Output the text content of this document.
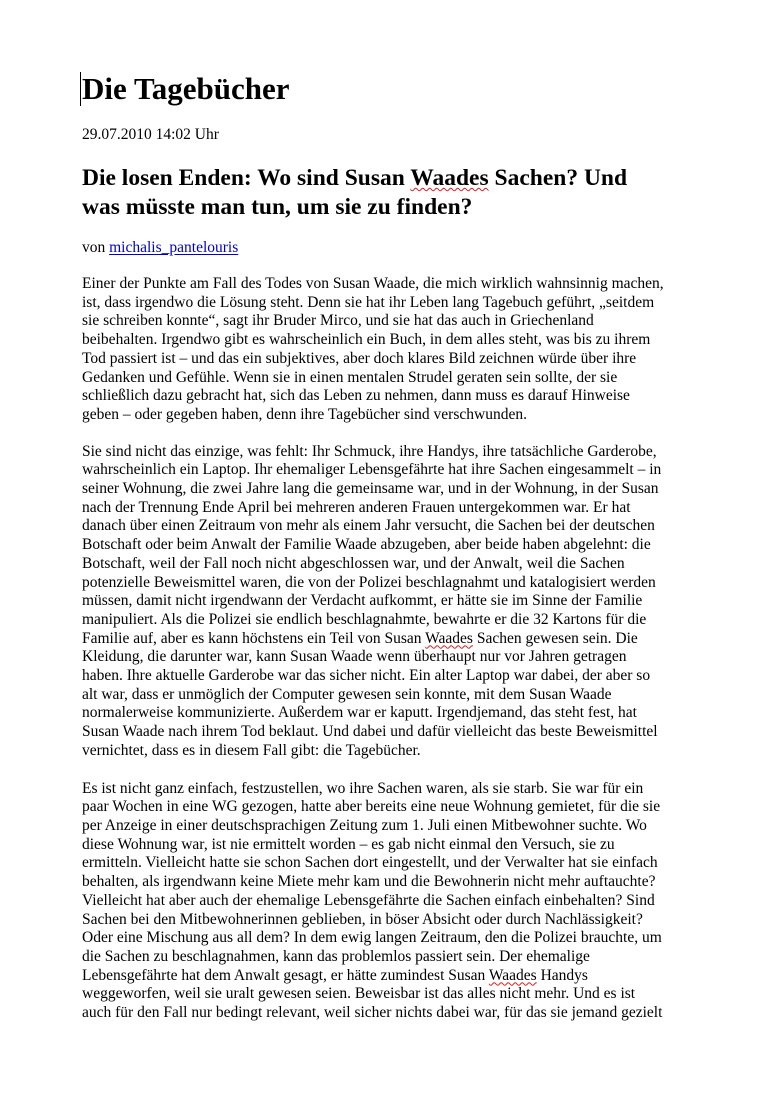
Die Tagebücher
29.07.2010 14:02 Uhr
Die losen Enden: Wo sind Susan Waades Sachen? Und
was müsste man tun, um sie zu finden?
von michalis_pantelouris
Einer der Punkte am Fall des Todes von Susan Waade, die mich wirklich wahnsinnig machen,
ist, dass irgendwo die Lösung steht. Denn sie hat ihr Leben lang Tagebuch geführt, „seitdem
sie schreiben konnte“, sagt ihr Bruder Mirco, und sie hat das auch in Griechenland
beibehalten. Irgendwo gibt es wahrscheinlich ein Buch, in dem alles steht, was bis zu ihrem
Tod passiert ist – und das ein subjektives, aber doch klares Bild zeichnen würde über ihre
Gedanken und Gefühle. Wenn sie in einen mentalen Strudel geraten sein sollte, der sie
schließlich dazu gebracht hat, sich das Leben zu nehmen, dann muss es darauf Hinweise
geben – oder gegeben haben, denn ihre Tagebücher sind verschwunden.
Sie sind nicht das einzige, was fehlt: Ihr Schmuck, ihre Handys, ihre tatsächliche Garderobe,
wahrscheinlich ein Laptop. Ihr ehemaliger Lebensgefährte hat ihre Sachen eingesammelt – in
seiner Wohnung, die zwei Jahre lang die gemeinsame war, und in der Wohnung, in der Susan
nach der Trennung Ende April bei mehreren anderen Frauen untergekommen war. Er hat
danach über einen Zeitraum von mehr als einem Jahr versucht, die Sachen bei der deutschen
Botschaft oder beim Anwalt der Familie Waade abzugeben, aber beide haben abgelehnt: die
Botschaft, weil der Fall noch nicht abgeschlossen war, und der Anwalt, weil die Sachen
potenzielle Beweismittel waren, die von der Polizei beschlagnahmt und katalogisiert werden
müssen, damit nicht irgendwann der Verdacht aufkommt, er hätte sie im Sinne der Familie
manipuliert. Als die Polizei sie endlich beschlagnahmte, bewahrte er die 32 Kartons für die
Familie auf, aber es kann höchstens ein Teil von Susan Waades Sachen gewesen sein. Die
Kleidung, die darunter war, kann Susan Waade wenn überhaupt nur vor Jahren getragen
haben. Ihre aktuelle Garderobe war das sicher nicht. Ein alter Laptop war dabei, der aber so
alt war, dass er unmöglich der Computer gewesen sein konnte, mit dem Susan Waade
normalerweise kommunizierte. Außerdem war er kaputt. Irgendjemand, das steht fest, hat
Susan Waade nach ihrem Tod beklaut. Und dabei und dafür vielleicht das beste Beweismittel
vernichtet, dass es in diesem Fall gibt: die Tagebücher.
Es ist nicht ganz einfach, festzustellen, wo ihre Sachen waren, als sie starb. Sie war für ein
paar Wochen in eine WG gezogen, hatte aber bereits eine neue Wohnung gemietet, für die sie
per Anzeige in einer deutschsprachigen Zeitung zum 1. Juli einen Mitbewohner suchte. Wo
diese Wohnung war, ist nie ermittelt worden – es gab nicht einmal den Versuch, sie zu
ermitteln. Vielleicht hatte sie schon Sachen dort eingestellt, und der Verwalter hat sie einfach
behalten, als irgendwann keine Miete mehr kam und die Bewohnerin nicht mehr auftauchte?
Vielleicht hat aber auch der ehemalige Lebensgefährte die Sachen einfach einbehalten? Sind
Sachen bei den Mitbewohnerinnen geblieben, in böser Absicht oder durch Nachlässigkeit?
Oder eine Mischung aus all dem? In dem ewig langen Zeitraum, den die Polizei brauchte, um
die Sachen zu beschlagnahmen, kann das problemlos passiert sein. Der ehemalige
Lebensgefährte hat dem Anwalt gesagt, er hätte zumindest Susan Waades Handys
weggeworfen, weil sie uralt gewesen seien. Beweisbar ist das alles nicht mehr. Und es ist
auch für den Fall nur bedingt relevant, weil sicher nichts dabei war, für das sie jemand gezielt
